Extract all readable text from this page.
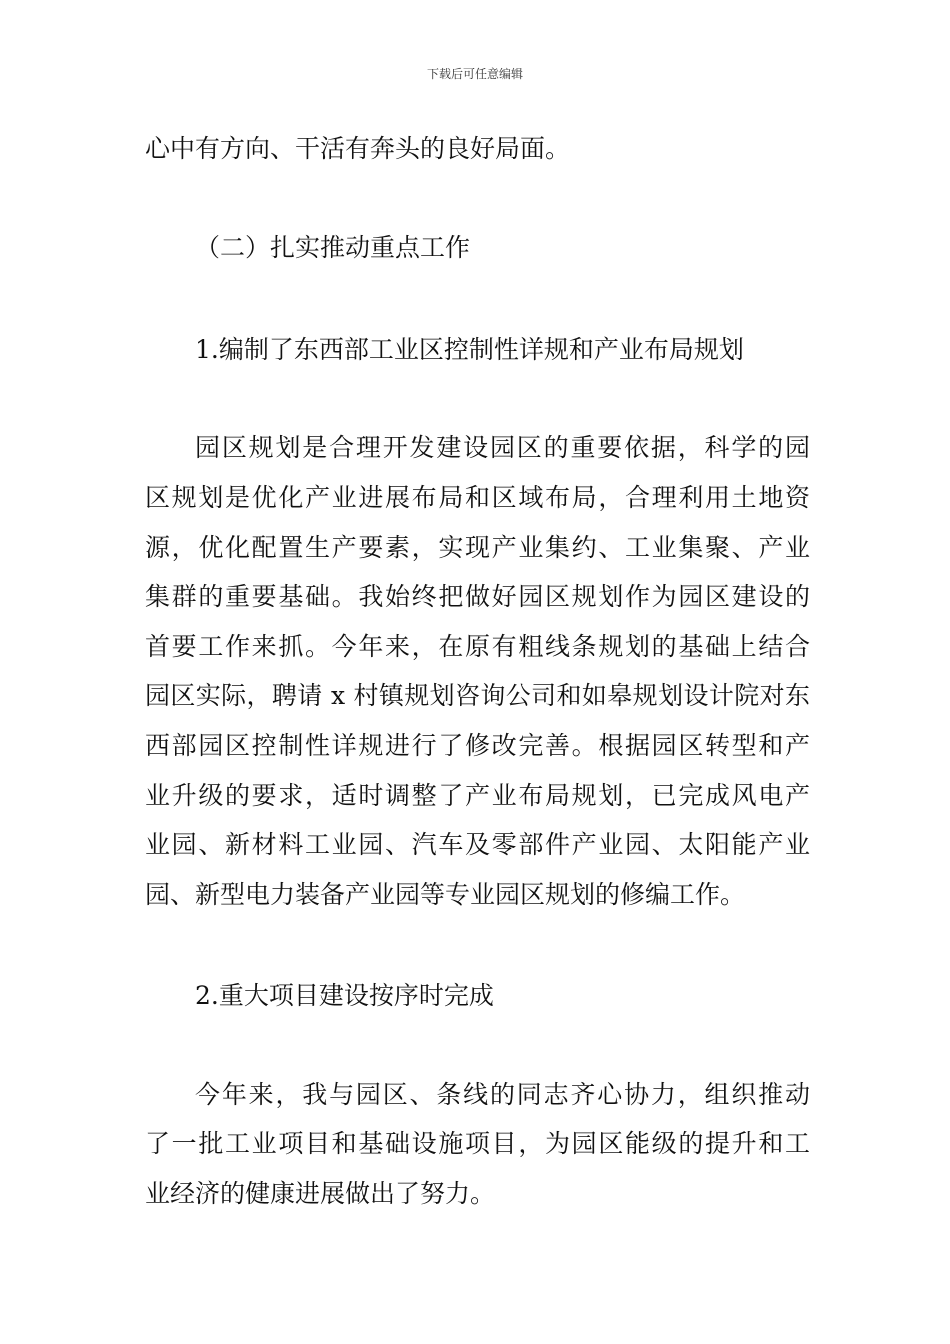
下载后可任意编辑
心中有方向、干活有奔头的良好局面。
（二）扎实推动重点工作
1.编制了东西部工业区控制性详规和产业布局规划
园区规划是合理开发建设园区的重要依据，科学的园
区规划是优化产业进展布局和区域布局，合理利用土地资
源，优化配置生产要素，实现产业集约、工业集聚、产业
集群的重要基础。我始终把做好园区规划作为园区建设的
首要工作来抓。今年来，在原有粗线条规划的基础上结合
园区实际，聘请 x 村镇规划咨询公司和如皋规划设计院对东
西部园区控制性详规进行了修改完善。根据园区转型和产
业升级的要求，适时调整了产业布局规划，已完成风电产
业园、新材料工业园、汽车及零部件产业园、太阳能产业
园、新型电力装备产业园等专业园区规划的修编工作。
2.重大项目建设按序时完成
今年来，我与园区、条线的同志齐心协力，组织推动
了一批工业项目和基础设施项目，为园区能级的提升和工
业经济的健康进展做出了努力。
